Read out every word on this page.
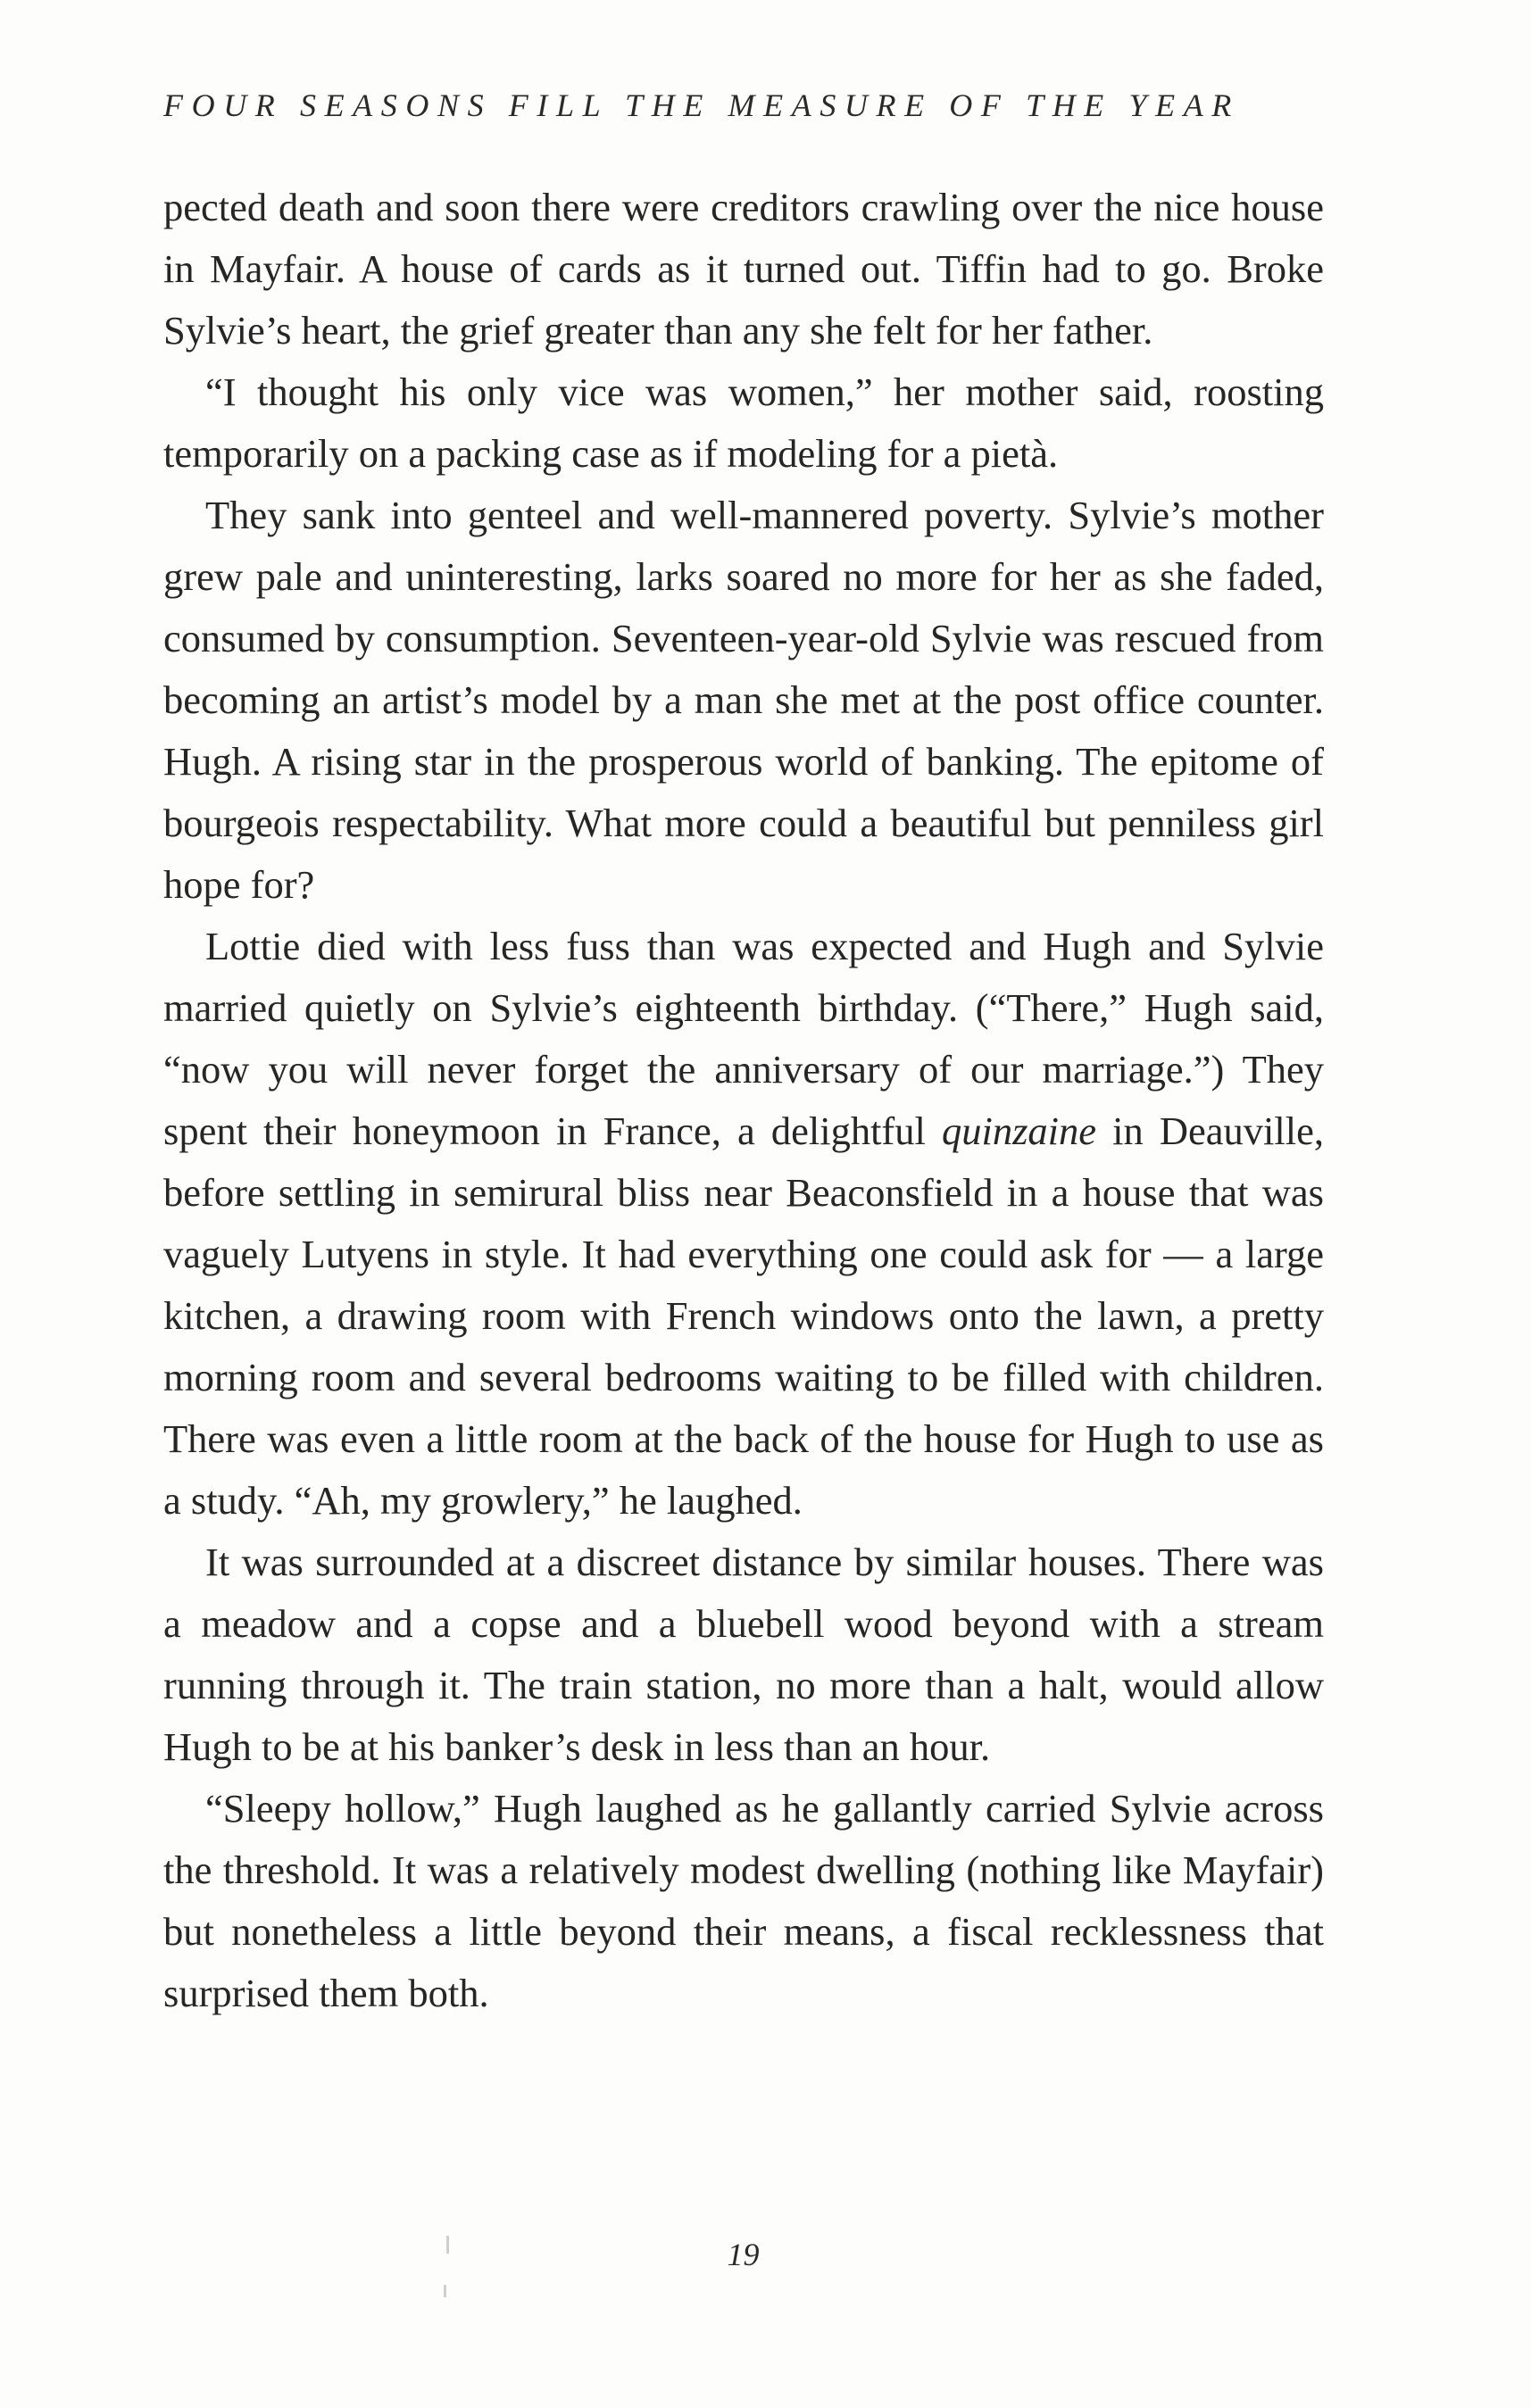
FOUR SEASONS FILL THE MEASURE OF THE YEAR

pected death and soon there were creditors crawling over the nice house in Mayfair. A house of cards as it turned out. Tiffin had to go. Broke Sylvie’s heart, the grief greater than any she felt for her father.

“I thought his only vice was women,” her mother said, roosting temporarily on a packing case as if modeling for a pietà.

They sank into genteel and well-mannered poverty. Sylvie’s mother grew pale and uninteresting, larks soared no more for her as she faded, consumed by consumption. Seventeen-year-old Sylvie was rescued from becoming an artist’s model by a man she met at the post office counter. Hugh. A rising star in the prosperous world of banking. The epitome of bourgeois respectability. What more could a beautiful but penniless girl hope for?

Lottie died with less fuss than was expected and Hugh and Sylvie married quietly on Sylvie’s eighteenth birthday. (“There,” Hugh said, “now you will never forget the anniversary of our marriage.”) They spent their honeymoon in France, a delightful quinzaine in Deauville, before settling in semirural bliss near Beaconsfield in a house that was vaguely Lutyens in style. It had everything one could ask for — a large kitchen, a drawing room with French windows onto the lawn, a pretty morning room and several bedrooms waiting to be filled with children. There was even a little room at the back of the house for Hugh to use as a study. “Ah, my growlery,” he laughed.

It was surrounded at a discreet distance by similar houses. There was a meadow and a copse and a bluebell wood beyond with a stream running through it. The train station, no more than a halt, would allow Hugh to be at his banker’s desk in less than an hour.

“Sleepy hollow,” Hugh laughed as he gallantly carried Sylvie across the threshold. It was a relatively modest dwelling (nothing like Mayfair) but nonetheless a little beyond their means, a fiscal recklessness that surprised them both.

19
